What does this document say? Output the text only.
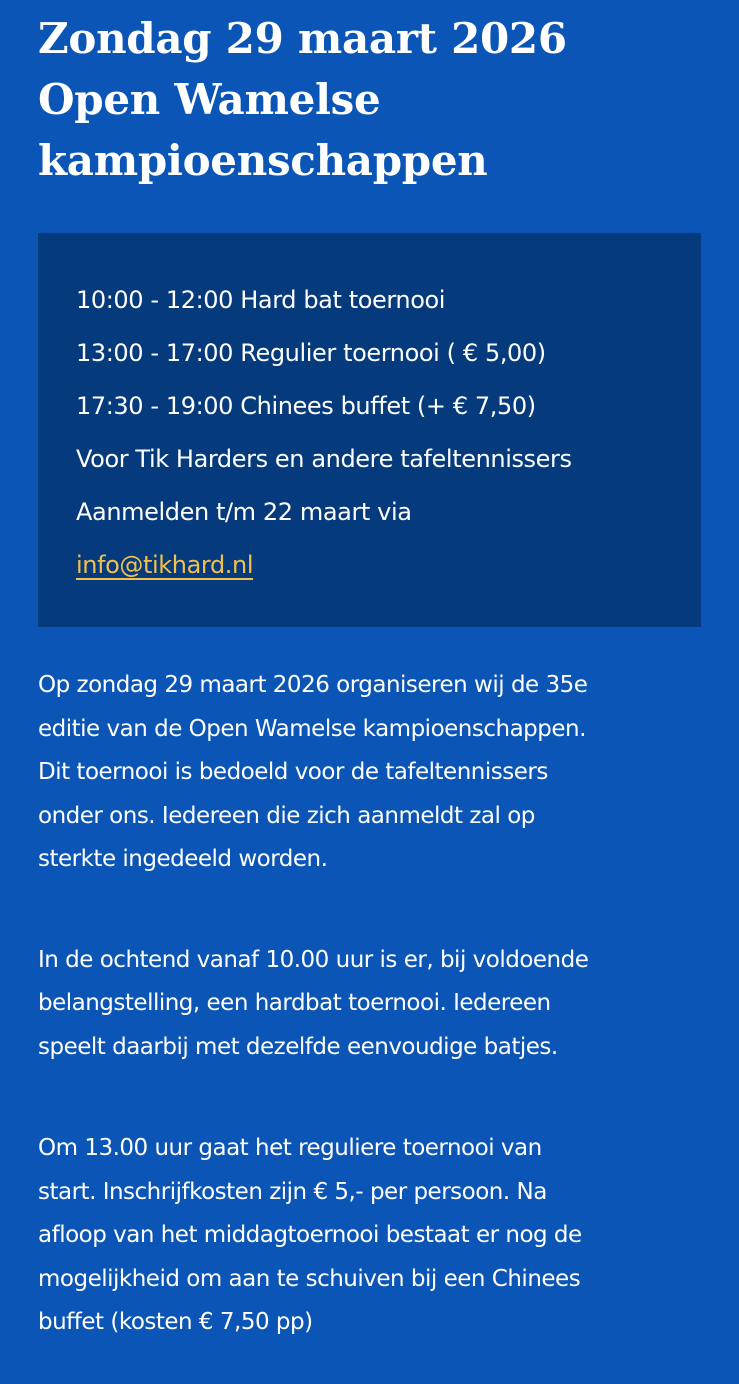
Zondag 29 maart 2026
Open Wamelse
kampioenschappen
10:00 - 12:00 Hard bat toernooi
13:00 - 17:00 Regulier toernooi ( € 5,00)
17:30 - 19:00 Chinees buffet (+ € 7,50)
Voor Tik Harders en andere tafeltennissers
Aanmelden t/m 22 maart via
info@tikhard.nl

Op zondag 29 maart 2026 organiseren wij de 35e
editie van de Open Wamelse kampioenschappen.
Dit toernooi is bedoeld voor de tafeltennissers
onder ons. Iedereen die zich aanmeldt zal op
sterkte ingedeeld worden.

In de ochtend vanaf 10.00 uur is er, bij voldoende
belangstelling, een hardbat toernooi. Iedereen
speelt daarbij met dezelfde eenvoudige batjes.

Om 13.00 uur gaat het reguliere toernooi van
start. Inschrijfkosten zijn € 5,- per persoon. Na
afloop van het middagtoernooi bestaat er nog de
mogelijkheid om aan te schuiven bij een Chinees
buffet (kosten € 7,50 pp)
